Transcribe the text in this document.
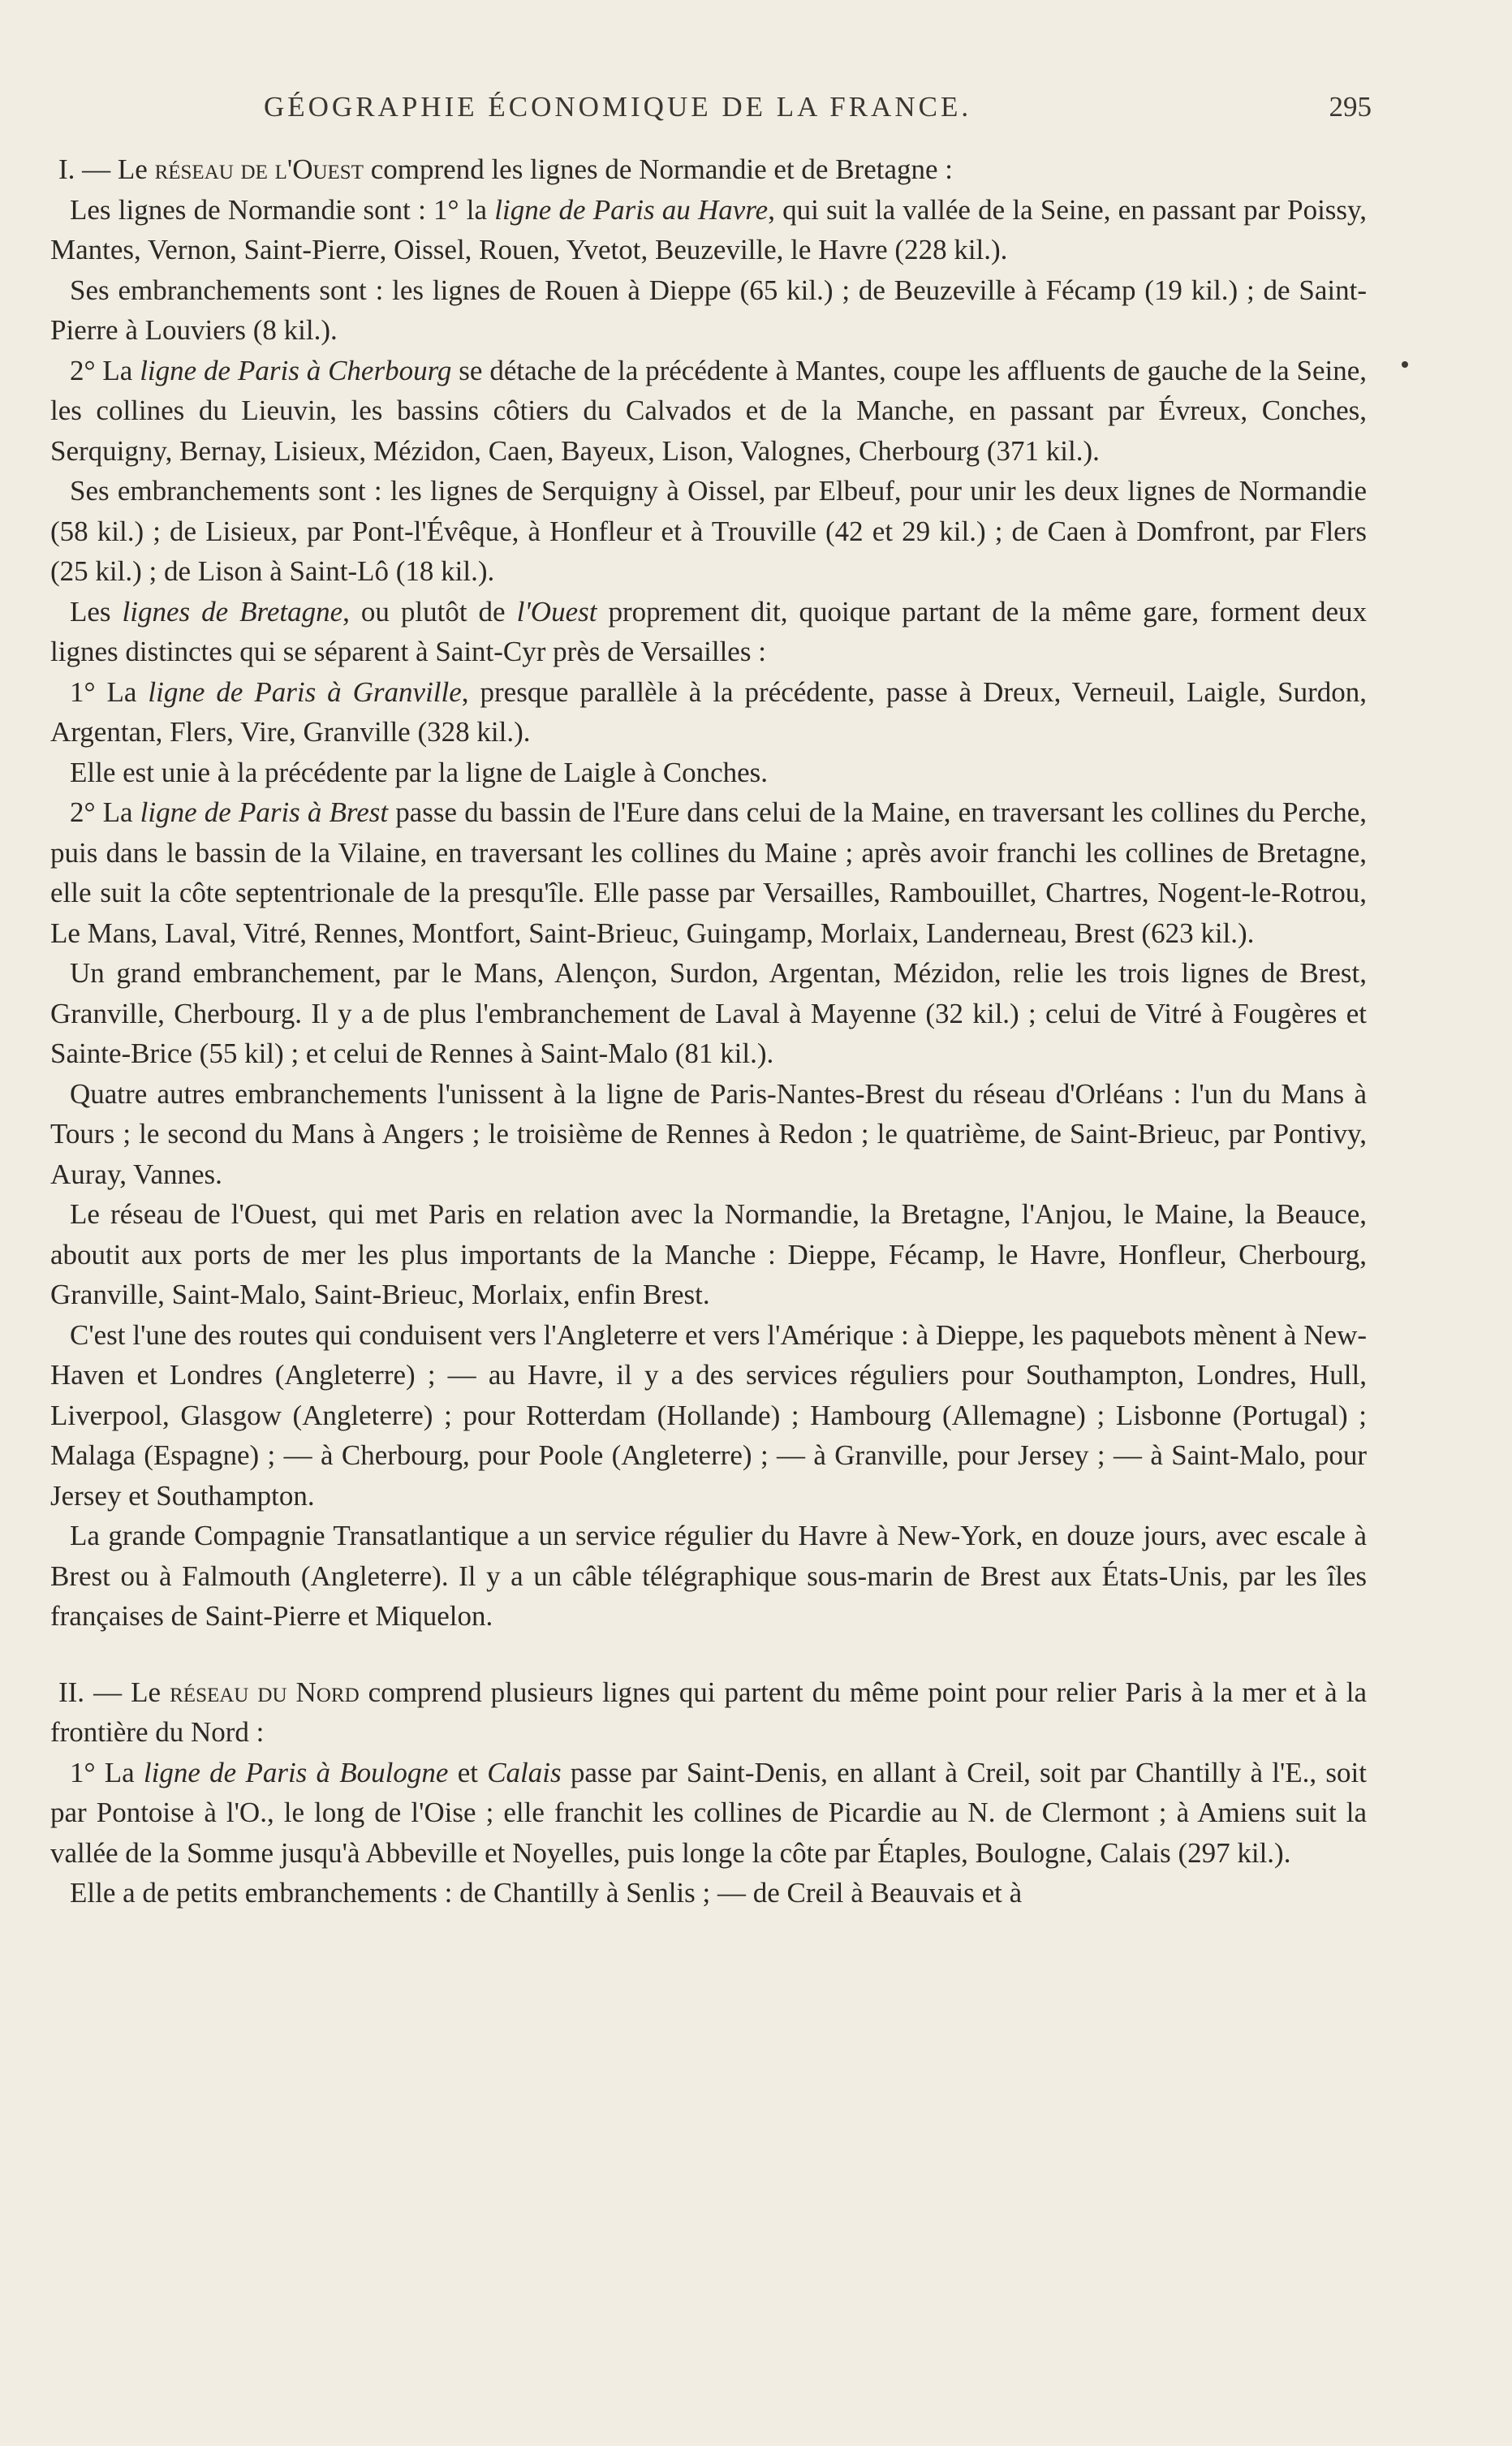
GÉOGRAPHIE ÉCONOMIQUE DE LA FRANCE.	295

I. — Le réseau de l'Ouest comprend les lignes de Normandie et de Bretagne :

Les lignes de Normandie sont : 1° la ligne de Paris au Havre, qui suit la vallée de la Seine, en passant par Poissy, Mantes, Vernon, Saint-Pierre, Oissel, Rouen, Yvetot, Beuzeville, le Havre (228 kil.).

Ses embranchements sont : les lignes de Rouen à Dieppe (65 kil.) ; de Beuzeville à Fécamp (19 kil.) ; de Saint-Pierre à Louviers (8 kil.).

2° La ligne de Paris à Cherbourg se détache de la précédente à Mantes, coupe les affluents de gauche de la Seine, les collines du Lieuvin, les bassins côtiers du Calvados et de la Manche, en passant par Évreux, Conches, Serquigny, Bernay, Lisieux, Mézidon, Caen, Bayeux, Lison, Valognes, Cherbourg (371 kil.).

Ses embranchements sont : les lignes de Serquigny à Oissel, par Elbeuf, pour unir les deux lignes de Normandie (58 kil.) ; de Lisieux, par Pont-l'Évêque, à Honfleur et à Trouville (42 et 29 kil.) ; de Caen à Domfront, par Flers (25 kil.) ; de Lison à Saint-Lô (18 kil.).

Les lignes de Bretagne, ou plutôt de l'Ouest proprement dit, quoique partant de la même gare, forment deux lignes distinctes qui se séparent à Saint-Cyr près de Versailles :

1° La ligne de Paris à Granville, presque parallèle à la précédente, passe à Dreux, Verneuil, Laigle, Surdon, Argentan, Flers, Vire, Granville (328 kil.).

Elle est unie à la précédente par la ligne de Laigle à Conches.

2° La ligne de Paris à Brest passe du bassin de l'Eure dans celui de la Maine, en traversant les collines du Perche, puis dans le bassin de la Vilaine, en traversant les collines du Maine ; après avoir franchi les collines de Bretagne, elle suit la côte septentrionale de la presqu'île. Elle passe par Versailles, Rambouillet, Chartres, Nogent-le-Rotrou, Le Mans, Laval, Vitré, Rennes, Montfort, Saint-Brieuc, Guingamp, Morlaix, Landerneau, Brest (623 kil.).

Un grand embranchement, par le Mans, Alençon, Surdon, Argentan, Mézidon, relie les trois lignes de Brest, Granville, Cherbourg. Il y a de plus l'embranchement de Laval à Mayenne (32 kil.) ; celui de Vitré à Fougères et Sainte-Brice (55 kil) ; et celui de Rennes à Saint-Malo (81 kil.).

Quatre autres embranchements l'unissent à la ligne de Paris-Nantes-Brest du réseau d'Orléans : l'un du Mans à Tours ; le second du Mans à Angers ; le troisième de Rennes à Redon ; le quatrième, de Saint-Brieuc, par Pontivy, Auray, Vannes.

Le réseau de l'Ouest, qui met Paris en relation avec la Normandie, la Bretagne, l'Anjou, le Maine, la Beauce, aboutit aux ports de mer les plus importants de la Manche : Dieppe, Fécamp, le Havre, Honfleur, Cherbourg, Granville, Saint-Malo, Saint-Brieuc, Morlaix, enfin Brest.

C'est l'une des routes qui conduisent vers l'Angleterre et vers l'Amérique : à Dieppe, les paquebots mènent à New-Haven et Londres (Angleterre) ; — au Havre, il y a des services réguliers pour Southampton, Londres, Hull, Liverpool, Glasgow (Angleterre) ; pour Rotterdam (Hollande) ; Hambourg (Allemagne) ; Lisbonne (Portugal) ; Malaga (Espagne) ; — à Cherbourg, pour Poole (Angleterre) ; — à Granville, pour Jersey ; — à Saint-Malo, pour Jersey et Southampton.

La grande Compagnie Transatlantique a un service régulier du Havre à New-York, en douze jours, avec escale à Brest ou à Falmouth (Angleterre). Il y a un câble télégraphique sous-marin de Brest aux États-Unis, par les îles françaises de Saint-Pierre et Miquelon.

II. — Le réseau du Nord comprend plusieurs lignes qui partent du même point pour relier Paris à la mer et à la frontière du Nord :

1° La ligne de Paris à Boulogne et Calais passe par Saint-Denis, en allant à Creil, soit par Chantilly à l'E., soit par Pontoise à l'O., le long de l'Oise ; elle franchit les collines de Picardie au N. de Clermont ; à Amiens suit la vallée de la Somme jusqu'à Abbeville et Noyelles, puis longe la côte par Étaples, Boulogne, Calais (297 kil.).

Elle a de petits embranchements : de Chantilly à Senlis ; — de Creil à Beauvais et à
